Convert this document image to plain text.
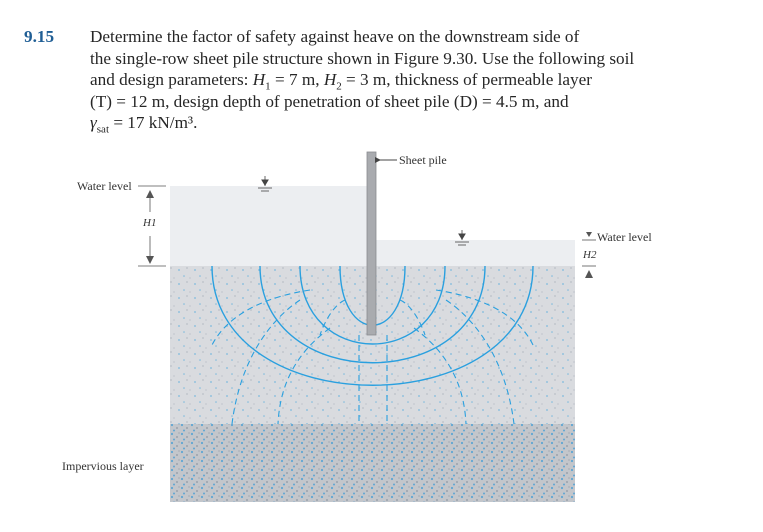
9.15 Determine the factor of safety against heave on the downstream side of
the single-row sheet pile structure shown in Figure 9.30. Use the following soil
and design parameters: $H_1 = 7$ m, $H_2 = 3$ m, thickness of permeable layer
(T) = 12 m, design depth of penetration of sheet pile (D) = 4.5 m, and
$\gamma_{sat} = 17$ kN/m³.
Sheet pile
Water level
H1
Water level
H2
Impervious layer
